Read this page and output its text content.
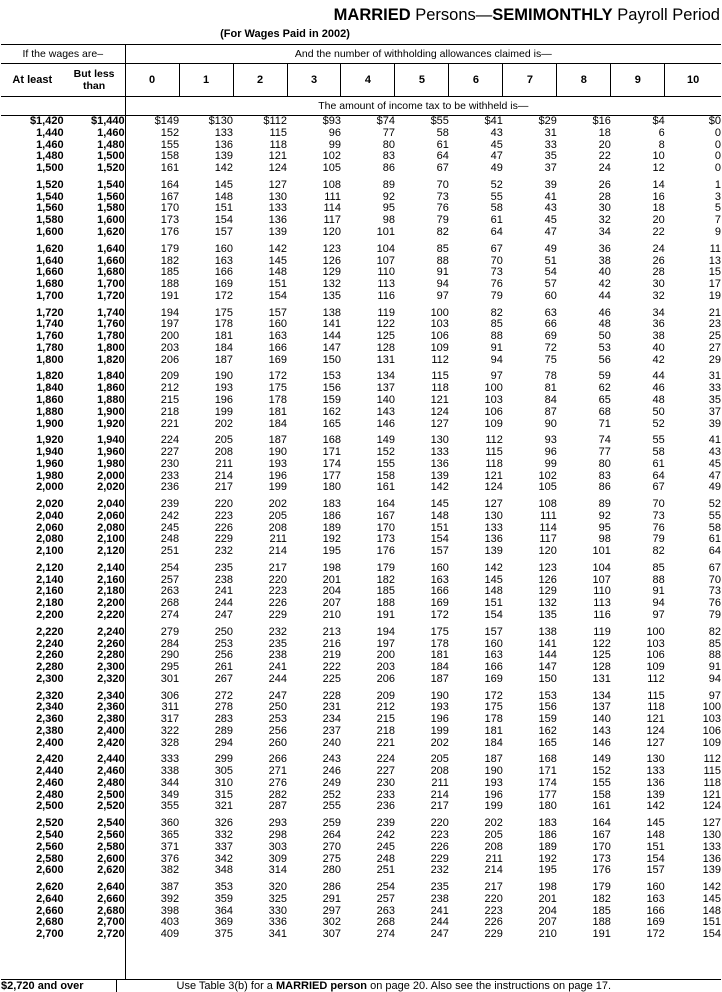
MARRIED Persons—SEMIMONTHLY Payroll Period
(For Wages Paid in 2002)
If the wages are–		And the number of withholding allowances claimed is—										

At least	But less
than	0	1	2	3	4	5	6	7	8	9	10

		The amount of income tax to be withheld is—										

$1,420	$1,440	$149	$130	$112	$93	$74	$55	$41	$29	$16	$4	$0
1,440	1,460	152	133	115	96	77	58	43	31	18	6	0
1,460	1,480	155	136	118	99	80	61	45	33	20	8	0
1,480	1,500	158	139	121	102	83	64	47	35	22	10	0
1,500	1,520	161	142	124	105	86	67	49	37	24	12	0

1,520	1,540	164	145	127	108	89	70	52	39	26	14	1
1,540	1,560	167	148	130	111	92	73	55	41	28	16	3
1,560	1,580	170	151	133	114	95	76	58	43	30	18	5
1,580	1,600	173	154	136	117	98	79	61	45	32	20	7
1,600	1,620	176	157	139	120	101	82	64	47	34	22	9

1,620	1,640	179	160	142	123	104	85	67	49	36	24	11
1,640	1,660	182	163	145	126	107	88	70	51	38	26	13
1,660	1,680	185	166	148	129	110	91	73	54	40	28	15
1,680	1,700	188	169	151	132	113	94	76	57	42	30	17
1,700	1,720	191	172	154	135	116	97	79	60	44	32	19

1,720	1,740	194	175	157	138	119	100	82	63	46	34	21
1,740	1,760	197	178	160	141	122	103	85	66	48	36	23
1,760	1,780	200	181	163	144	125	106	88	69	50	38	25
1,780	1,800	203	184	166	147	128	109	91	72	53	40	27
1,800	1,820	206	187	169	150	131	112	94	75	56	42	29

1,820	1,840	209	190	172	153	134	115	97	78	59	44	31
1,840	1,860	212	193	175	156	137	118	100	81	62	46	33
1,860	1,880	215	196	178	159	140	121	103	84	65	48	35
1,880	1,900	218	199	181	162	143	124	106	87	68	50	37
1,900	1,920	221	202	184	165	146	127	109	90	71	52	39

1,920	1,940	224	205	187	168	149	130	112	93	74	55	41
1,940	1,960	227	208	190	171	152	133	115	96	77	58	43
1,960	1,980	230	211	193	174	155	136	118	99	80	61	45
1,980	2,000	233	214	196	177	158	139	121	102	83	64	47
2,000	2,020	236	217	199	180	161	142	124	105	86	67	49

2,020	2,040	239	220	202	183	164	145	127	108	89	70	52
2,040	2,060	242	223	205	186	167	148	130	111	92	73	55
2,060	2,080	245	226	208	189	170	151	133	114	95	76	58
2,080	2,100	248	229	211	192	173	154	136	117	98	79	61
2,100	2,120	251	232	214	195	176	157	139	120	101	82	64

2,120	2,140	254	235	217	198	179	160	142	123	104	85	67
2,140	2,160	257	238	220	201	182	163	145	126	107	88	70
2,160	2,180	263	241	223	204	185	166	148	129	110	91	73
2,180	2,200	268	244	226	207	188	169	151	132	113	94	76
2,200	2,220	274	247	229	210	191	172	154	135	116	97	79

2,220	2,240	279	250	232	213	194	175	157	138	119	100	82
2,240	2,260	284	253	235	216	197	178	160	141	122	103	85
2,260	2,280	290	256	238	219	200	181	163	144	125	106	88
2,280	2,300	295	261	241	222	203	184	166	147	128	109	91
2,300	2,320	301	267	244	225	206	187	169	150	131	112	94

2,320	2,340	306	272	247	228	209	190	172	153	134	115	97
2,340	2,360	311	278	250	231	212	193	175	156	137	118	100
2,360	2,380	317	283	253	234	215	196	178	159	140	121	103
2,380	2,400	322	289	256	237	218	199	181	162	143	124	106
2,400	2,420	328	294	260	240	221	202	184	165	146	127	109

2,420	2,440	333	299	266	243	224	205	187	168	149	130	112
2,440	2,460	338	305	271	246	227	208	190	171	152	133	115
2,460	2,480	344	310	276	249	230	211	193	174	155	136	118
2,480	2,500	349	315	282	252	233	214	196	177	158	139	121
2,500	2,520	355	321	287	255	236	217	199	180	161	142	124

2,520	2,540	360	326	293	259	239	220	202	183	164	145	127
2,540	2,560	365	332	298	264	242	223	205	186	167	148	130
2,560	2,580	371	337	303	270	245	226	208	189	170	151	133
2,580	2,600	376	342	309	275	248	229	211	192	173	154	136
2,600	2,620	382	348	314	280	251	232	214	195	176	157	139

2,620	2,640	387	353	320	286	254	235	217	198	179	160	142
2,640	2,660	392	359	325	291	257	238	220	201	182	163	145
2,660	2,680	398	364	330	297	263	241	223	204	185	166	148
2,680	2,700	403	369	336	302	268	244	226	207	188	169	151
2,700	2,720	409	375	341	307	274	247	229	210	191	172	154

$2,720 and over	Use Table 3(b) for a MARRIED person on page 20. Also see the instructions on page 17.
